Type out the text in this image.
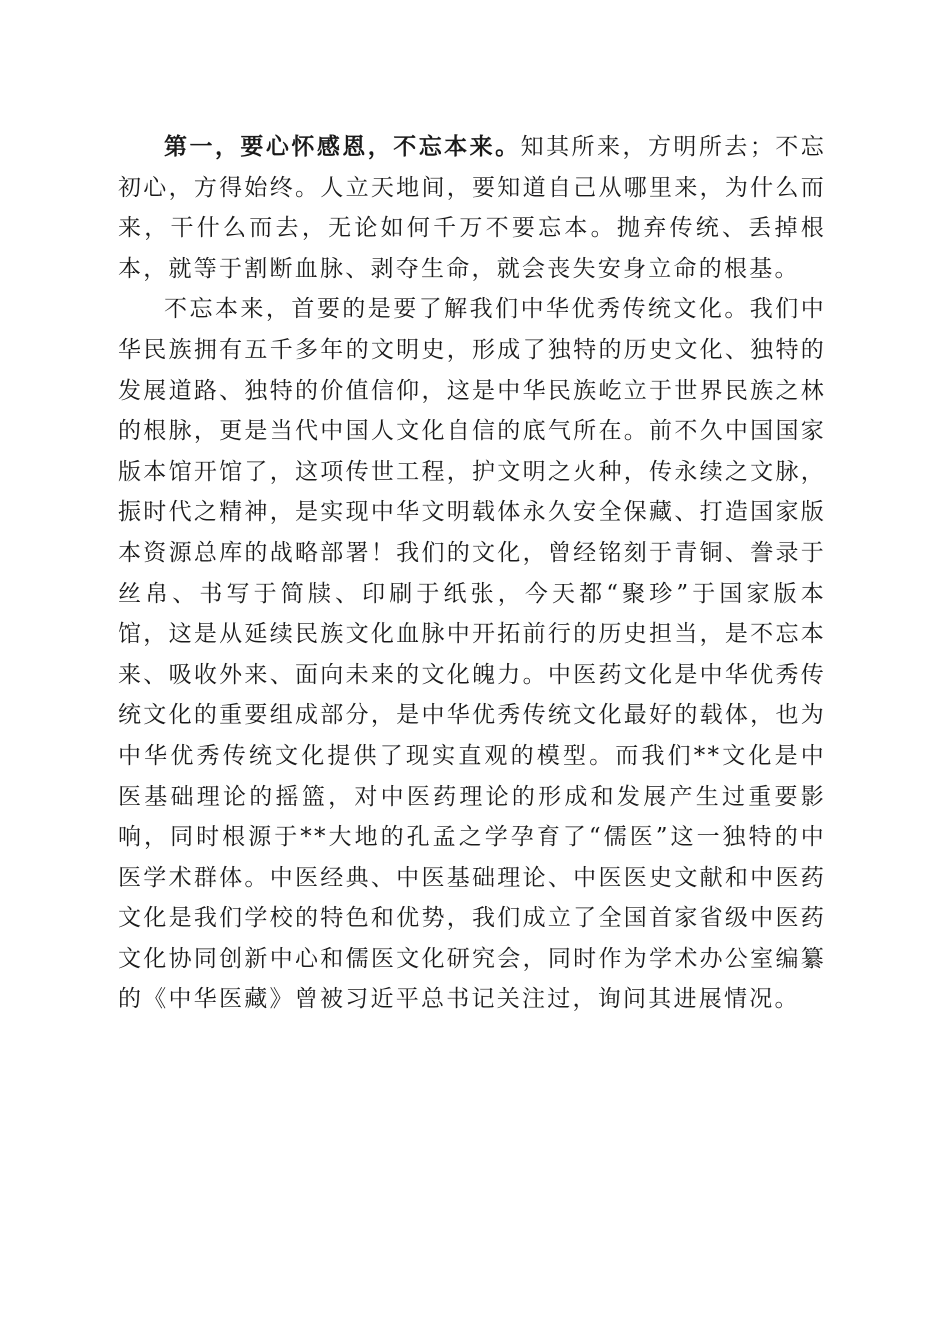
第一，要心怀感恩，不忘本来。知其所来，方明所去；不忘初心，方得始终。人立天地间，要知道自己从哪里来，为什么而来，干什么而去，无论如何千万不要忘本。抛弃传统、丢掉根本，就等于割断血脉、剥夺生命，就会丧失安身立命的根基。

不忘本来，首要的是要了解我们中华优秀传统文化。我们中华民族拥有五千多年的文明史，形成了独特的历史文化、独特的发展道路、独特的价值信仰，这是中华民族屹立于世界民族之林的根脉，更是当代中国人文化自信的底气所在。前不久中国国家版本馆开馆了，这项传世工程，护文明之火种，传永续之文脉，振时代之精神，是实现中华文明载体永久安全保藏、打造国家版本资源总库的战略部署！我们的文化，曾经铭刻于青铜、誊录于丝帛、书写于简牍、印刷于纸张，今天都“聚珍”于国家版本馆，这是从延续民族文化血脉中开拓前行的历史担当，是不忘本来、吸收外来、面向未来的文化魄力。中医药文化是中华优秀传统文化的重要组成部分，是中华优秀传统文化最好的载体，也为中华优秀传统文化提供了现实直观的模型。而我们**文化是中医基础理论的摇篮，对中医药理论的形成和发展产生过重要影响，同时根源于**大地的孔孟之学孕育了“儒医”这一独特的中医学术群体。中医经典、中医基础理论、中医医史文献和中医药文化是我们学校的特色和优势，我们成立了全国首家省级中医药文化协同创新中心和儒医文化研究会，同时作为学术办公室编纂的《中华医藏》曾被习近平总书记关注过，询问其进展情况。
